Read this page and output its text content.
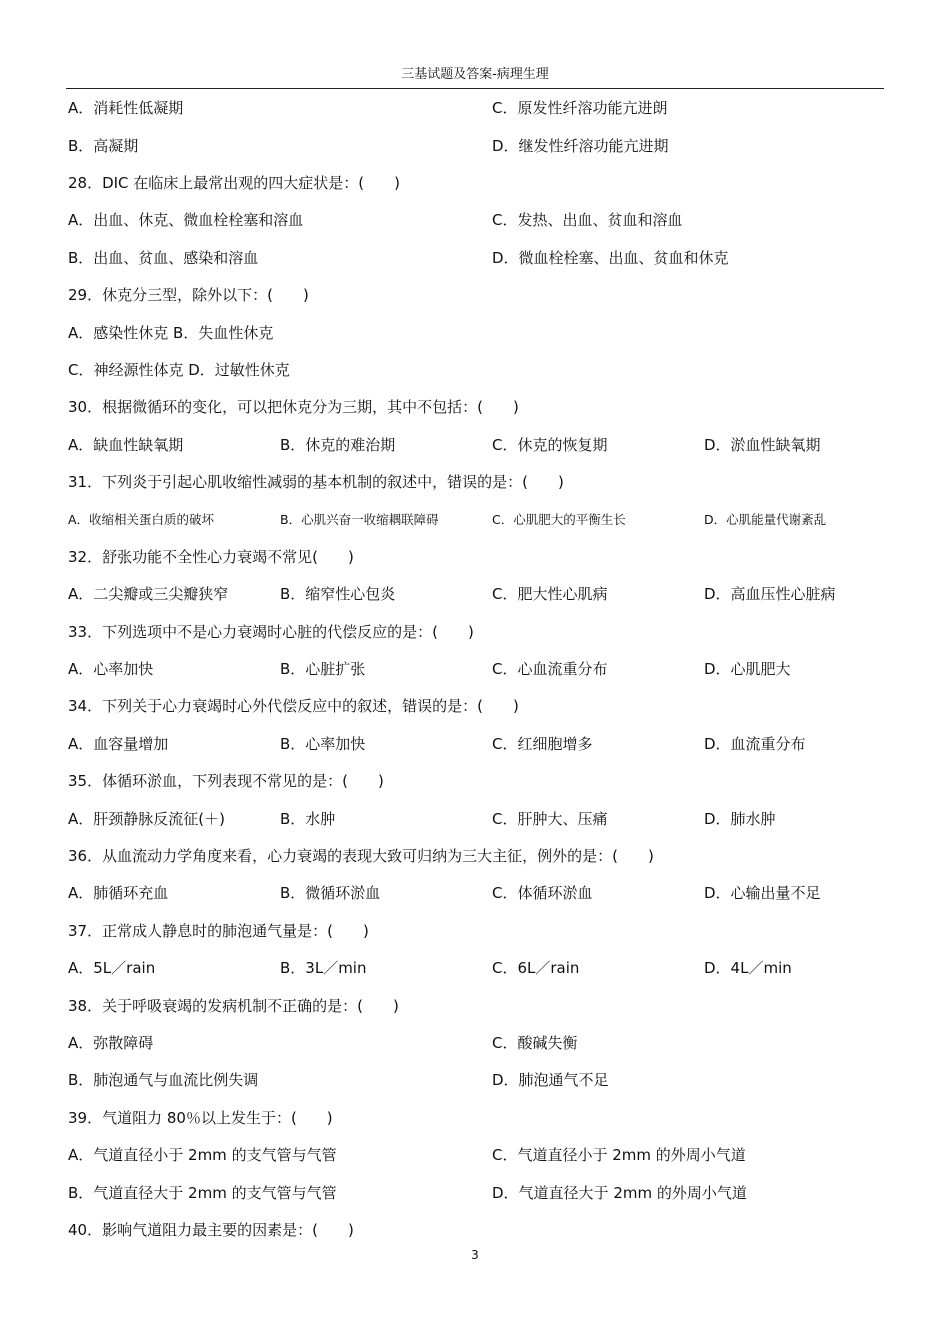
三基试题及答案-病理生理
A．消耗性低凝期	C．原发性纤溶功能亢进朗
B．高凝期	D．继发性纤溶功能亢进期
28．DIC 在临床上最常出观的四大症状是：(　　)
A．出血、休克、微血栓栓塞和溶血	C．发热、出血、贫血和溶血
B．出血、贫血、感染和溶血	D．微血栓栓塞、出血、贫血和休克
29．休克分三型，除外以下：(　　)
A．感染性休克 B．失血性休克
C．神经源性体克 D．过敏性休克
30．根据微循环的变化，可以把休克分为三期，其中不包括：(　　)
A．缺血性缺氧期	B．休克的难治期	C．休克的恢复期	D．淤血性缺氧期
31．下列炎于引起心肌收缩性减弱的基本机制的叙述中，错误的是：(　　)
A．收缩相关蛋白质的破坏	B．心肌兴奋一收缩耦联障碍	C．心肌肥大的平衡生长	D．心肌能量代谢紊乱
32．舒张功能不全性心力衰竭不常见(　　)
A．二尖瓣或三尖瓣狭窄	B．缩窄性心包炎	C．肥大性心肌病	D．高血压性心脏病
33．下列选项中不是心力衰竭时心脏的代偿反应的是：(　　)
A．心率加快	B．心脏扩张	C．心血流重分布	D．心肌肥大
34．下列关于心力衰竭时心外代偿反应中的叙述，错误的是：(　　)
A．血容量增加	B．心率加快	C．红细胞增多	D．血流重分布
35．体循环淤血，下列表现不常见的是：(　　)
A．肝颈静脉反流征(＋)	B．水肿	C．肝肿大、压痛	D．肺水肿
36．从血流动力学角度来看，心力衰竭的表现大致可归纳为三大主征，例外的是：(　　)
A．肺循环充血	B．微循环淤血	C．体循环淤血	D．心输出量不足
37．正常成人静息时的肺泡通气量是：(　　)
A．5L／rain	B．3L／min	C．6L／rain	D．4L／min
38．关于呼吸衰竭的发病机制不正确的是：(　　)
A．弥散障碍	C．酸碱失衡
B．肺泡通气与血流比例失调	D．肺泡通气不足
39．气道阻力 80％以上发生于：(　　)
A．气道直径小于 2mm 的支气管与气管	C．气道直径小于 2mm 的外周小气道
B．气道直径大于 2mm 的支气管与气管	D．气道直径大于 2mm 的外周小气道
40．影响气道阻力最主要的因素是：(　　)
3
